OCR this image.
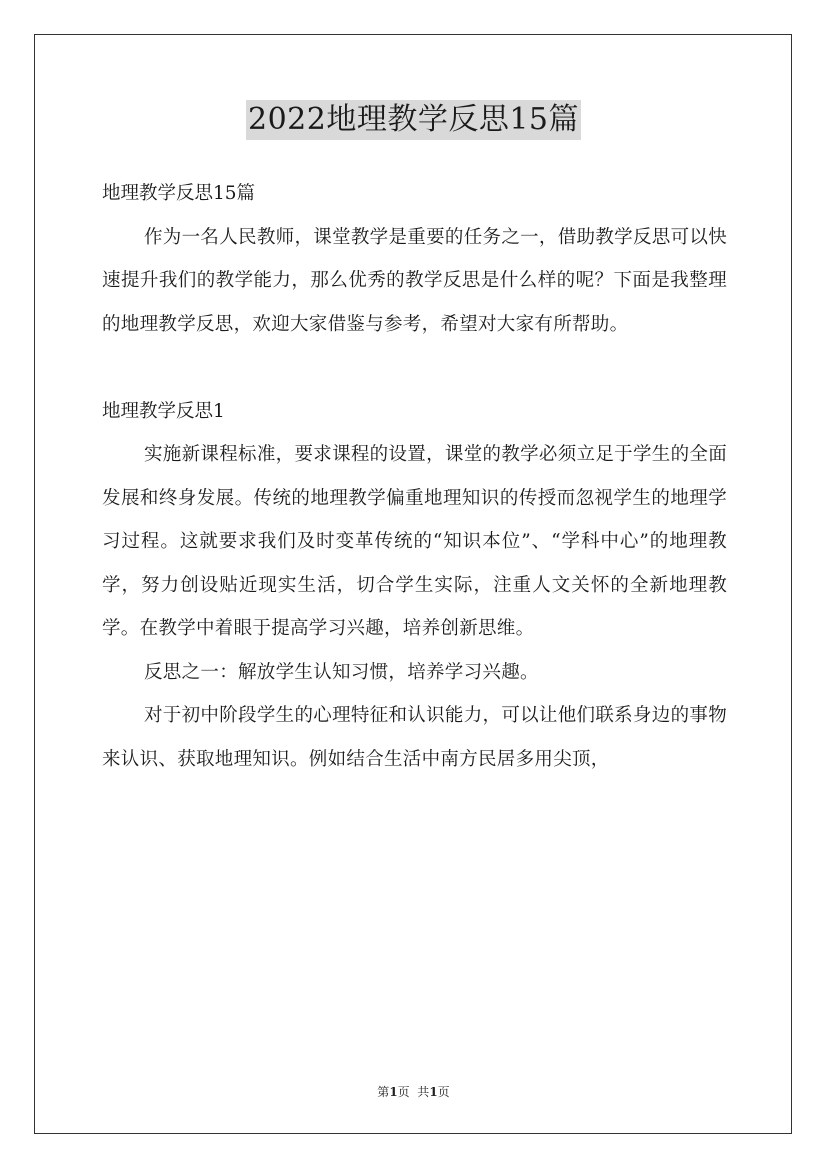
2022地理教学反思15篇

地理教学反思15篇

作为一名人民教师，课堂教学是重要的任务之一，借助教学反思可以快速提升我们的教学能力，那么优秀的教学反思是什么样的呢？下面是我整理的地理教学反思，欢迎大家借鉴与参考，希望对大家有所帮助。

地理教学反思1

实施新课程标准，要求课程的设置，课堂的教学必须立足于学生的全面发展和终身发展。传统的地理教学偏重地理知识的传授而忽视学生的地理学习过程。这就要求我们及时变革传统的“知识本位”、“学科中心”的地理教学，努力创设贴近现实生活，切合学生实际，注重人文关怀的全新地理教学。在教学中着眼于提高学习兴趣，培养创新思维。

反思之一：解放学生认知习惯，培养学习兴趣。

对于初中阶段学生的心理特征和认识能力，可以让他们联系身边的事物来认识、获取地理知识。例如结合生活中南方民居多用尖顶，

第1页  共1页
